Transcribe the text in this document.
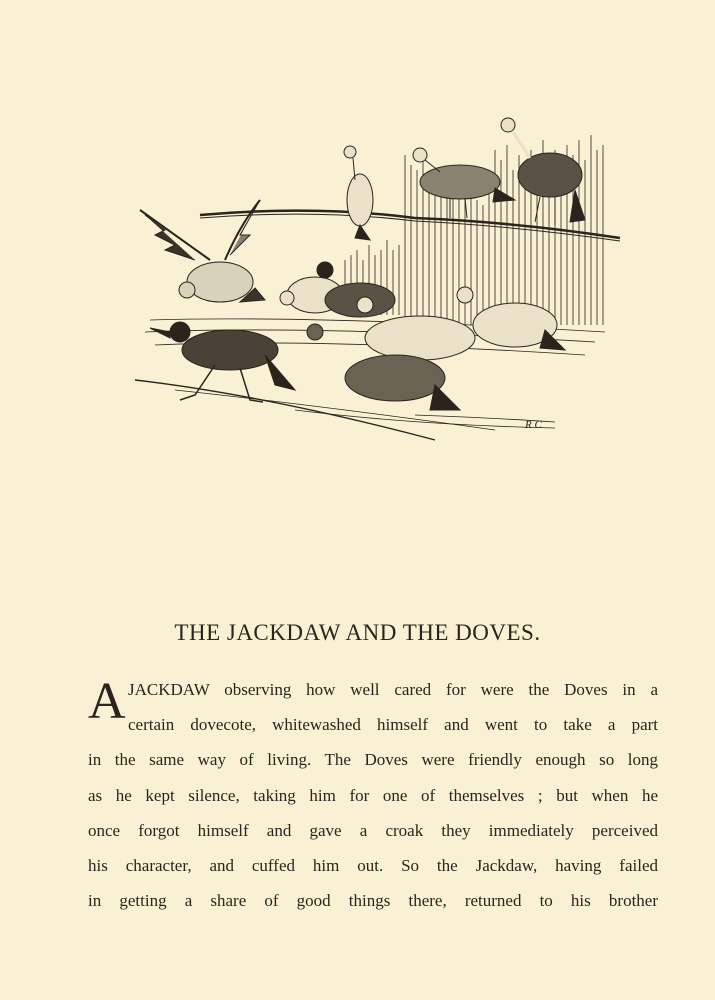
R C
THE JACKDAW AND THE DOVES.
A JACKDAW observing how well cared for were the Doves in a
certain dovecote, whitewashed himself and went to take a part
in the same way of living. The Doves were friendly enough so long
as he kept silence, taking him for one of themselves ; but when he
once forgot himself and gave a croak they immediately perceived
his character, and cuffed him out. So the Jackdaw, having failed
in getting a share of good things there, returned to his brother
